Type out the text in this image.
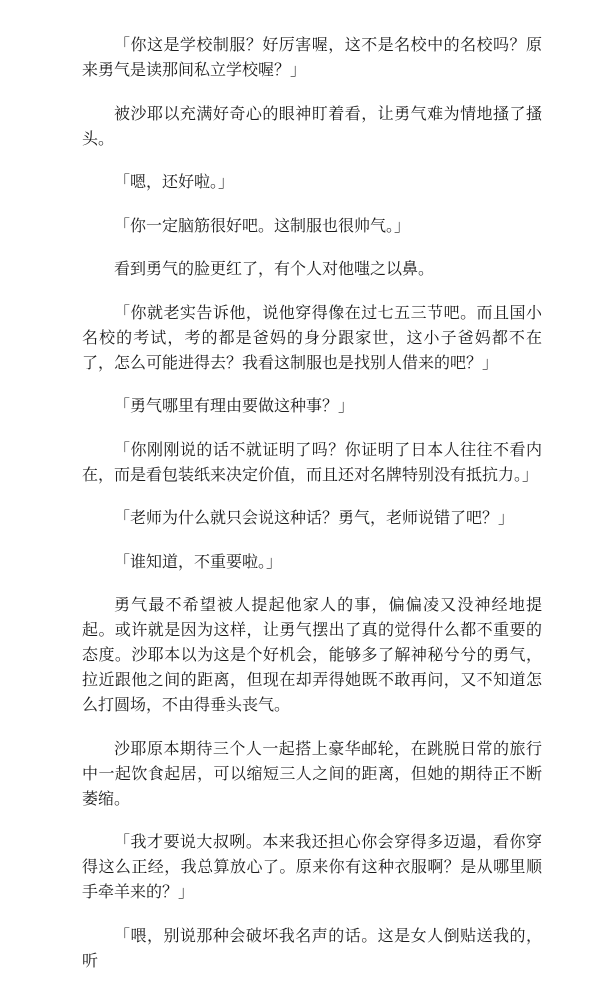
「你这是学校制服？好厉害喔，这不是名校中的名校吗？原来勇气是读那间私立学校喔？」

被沙耶以充满好奇心的眼神盯着看，让勇气难为情地搔了搔头。

「嗯，还好啦。」

「你一定脑筋很好吧。这制服也很帅气。」

看到勇气的脸更红了，有个人对他嗤之以鼻。

「你就老实告诉他，说他穿得像在过七五三节吧。而且国小名校的考试，考的都是爸妈的身分跟家世，这小子爸妈都不在了，怎么可能进得去？我看这制服也是找别人借来的吧？」

「勇气哪里有理由要做这种事？」

「你刚刚说的话不就证明了吗？你证明了日本人往往不看内在，而是看包装纸来决定价值，而且还对名牌特别没有抵抗力。」

「老师为什么就只会说这种话？勇气，老师说错了吧？」

「谁知道，不重要啦。」

勇气最不希望被人提起他家人的事，偏偏凌又没神经地提起。或许就是因为这样，让勇气摆出了真的觉得什么都不重要的态度。沙耶本以为这是个好机会，能够多了解神秘兮兮的勇气，拉近跟他之间的距离，但现在却弄得她既不敢再问，又不知道怎么打圆场，不由得垂头丧气。

沙耶原本期待三个人一起搭上豪华邮轮，在跳脱日常的旅行中一起饮食起居，可以缩短三人之间的距离，但她的期待正不断萎缩。

「我才要说大叔咧。本来我还担心你会穿得多迈遢，看你穿得这么正经，我总算放心了。原来你有这种衣服啊？是从哪里顺手牵羊来的？」

「喂，别说那种会破坏我名声的话。这是女人倒贴送我的，听
